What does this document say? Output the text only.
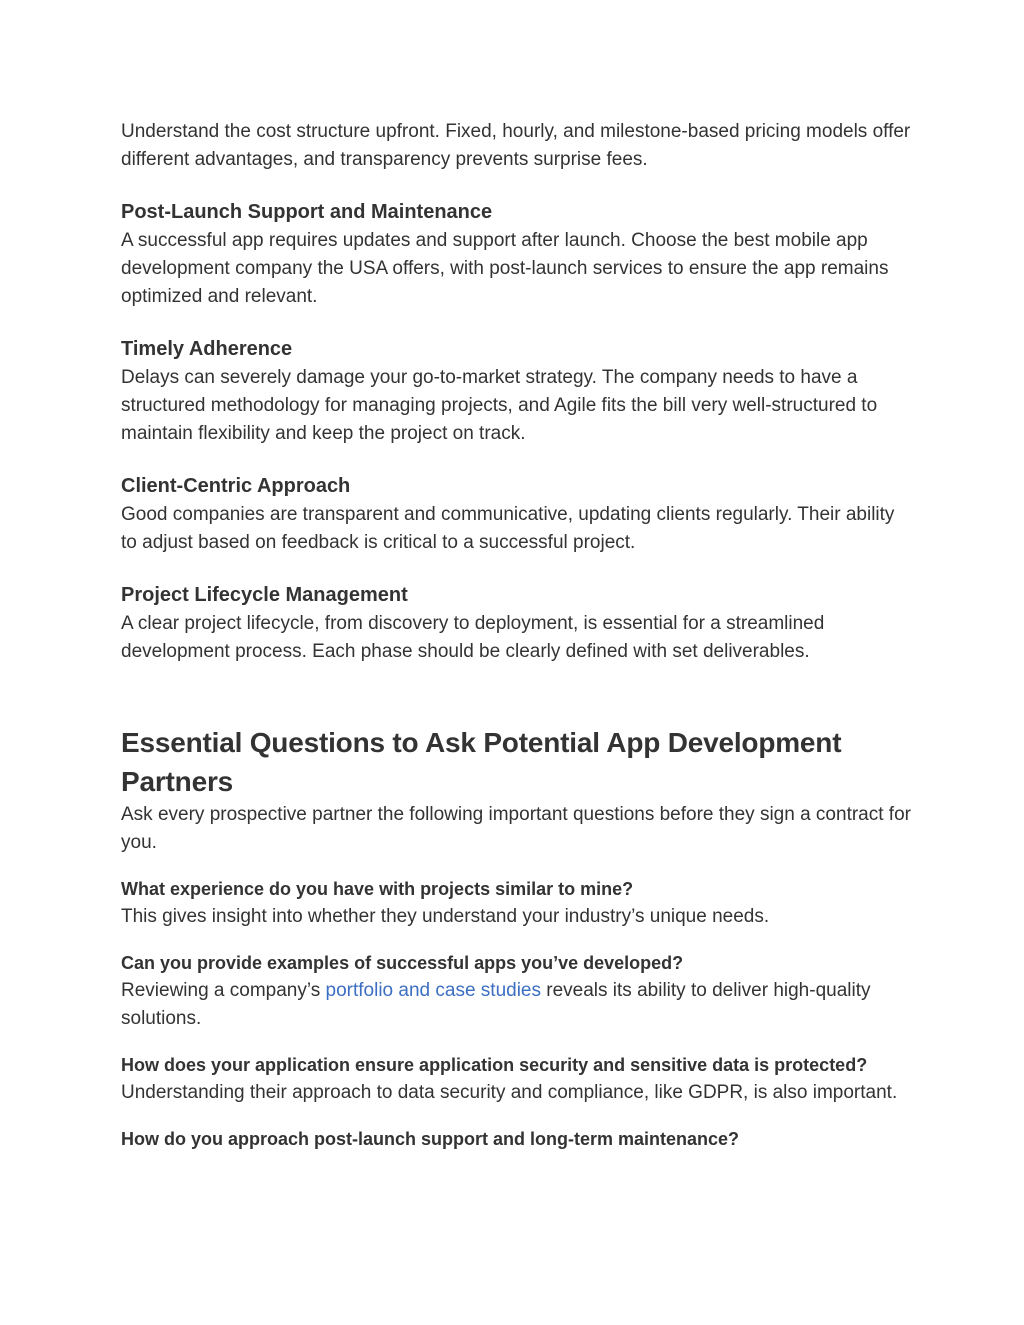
Understand the cost structure upfront. Fixed, hourly, and milestone-based pricing models offer different advantages, and transparency prevents surprise fees.

Post-Launch Support and Maintenance

A successful app requires updates and support after launch. Choose the best mobile app development company the USA offers, with post-launch services to ensure the app remains optimized and relevant.

Timely Adherence

Delays can severely damage your go-to-market strategy. The company needs to have a structured methodology for managing projects, and Agile fits the bill very well-structured to maintain flexibility and keep the project on track.

Client-Centric Approach

Good companies are transparent and communicative, updating clients regularly. Their ability to adjust based on feedback is critical to a successful project.

Project Lifecycle Management

A clear project lifecycle, from discovery to deployment, is essential for a streamlined development process. Each phase should be clearly defined with set deliverables.

Essential Questions to Ask Potential App Development Partners

Ask every prospective partner the following important questions before they sign a contract for you.

What experience do you have with projects similar to mine?

This gives insight into whether they understand your industry’s unique needs.

Can you provide examples of successful apps you’ve developed?

Reviewing a company’s portfolio and case studies reveals its ability to deliver high-quality solutions.

How does your application ensure application security and sensitive data is protected?

Understanding their approach to data security and compliance, like GDPR, is also important.

How do you approach post-launch support and long-term maintenance?
